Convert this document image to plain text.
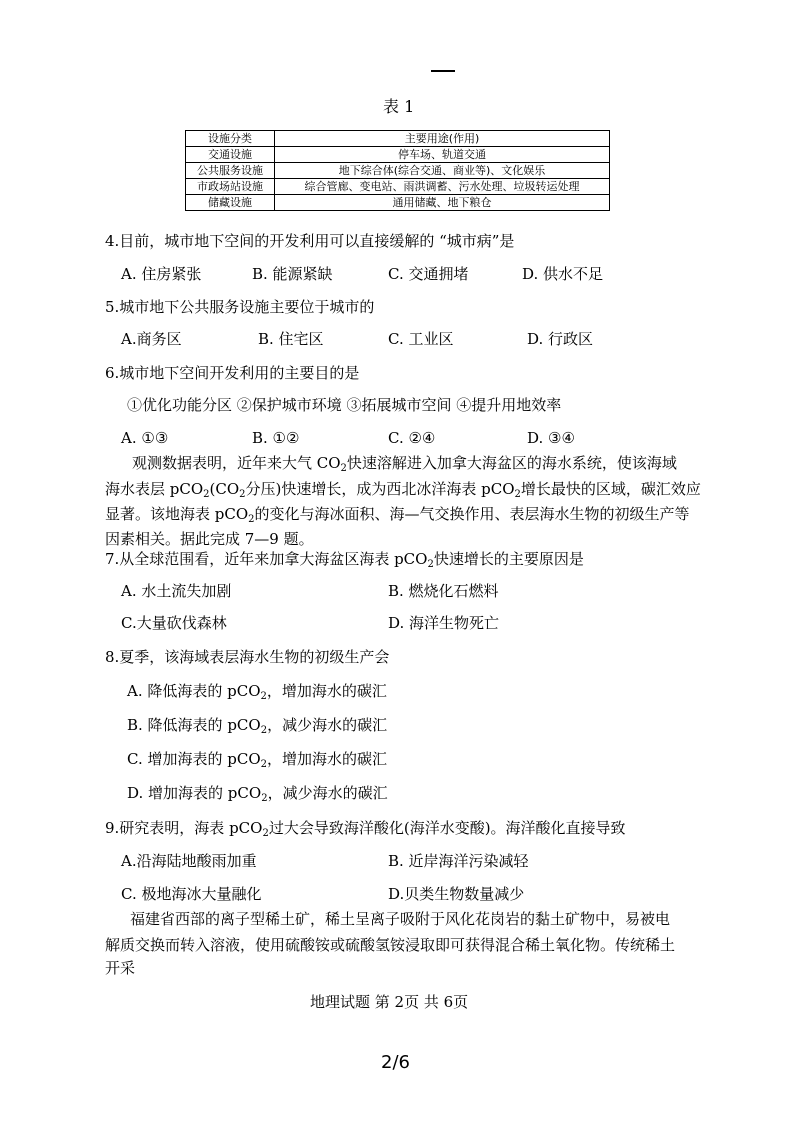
表 1
设施分类	主要用途(作用)
交通设施	停车场、轨道交通
公共服务设施	地下综合体(综合交通、商业等)、文化娱乐
市政场站设施	综合管廊、变电站、雨洪调蓄、污水处理、垃圾转运处理
储藏设施	通用储藏、地下粮仓
4.目前，城市地下空间的开发利用可以直接缓解的 “城市病”是
A. 住房紧张	B. 能源紧缺	C. 交通拥堵	D. 供水不足
5.城市地下公共服务设施主要位于城市的
A.商务区	B. 住宅区	C. 工业区	D. 行政区
6.城市地下空间开发利用的主要目的是
①优化功能分区 ②保护城市环境 ③拓展城市空间 ④提升用地效率
A. ①③	B. ①②	C. ②④	D. ③④
观测数据表明，近年来大气 $CO_2$快速溶解进入加拿大海盆区的海水系统，使该海域
海水表层 $pCO_2(CO_2$分压)快速增长，成为西北冰洋海表 pCO$_2$增长最快的区域，碳汇效应
显著。该地海表 pCO$_2$的变化与海冰面积、海—气交换作用、表层海水生物的初级生产等
因素相关。据此完成 7—9 题。
7.从全球范围看，近年来加拿大海盆区海表 pCO$_2$快速增长的主要原因是
A. 水土流失加剧	B. 燃烧化石燃料
C.大量砍伐森林	D. 海洋生物死亡
8.夏季，该海域表层海水生物的初级生产会
A. 降低海表的 pCO$_2$，增加海水的碳汇
B. 降低海表的 pCO$_2$，减少海水的碳汇
C. 增加海表的 pCO$_2$，增加海水的碳汇
D. 增加海表的 pCO$_2$，减少海水的碳汇
9.研究表明，海表 pCO$_2$过大会导致海洋酸化(海洋水变酸)。海洋酸化直接导致
A.沿海陆地酸雨加重	B. 近岸海洋污染减轻
C. 极地海冰大量融化	D.贝类生物数量减少
福建省西部的离子型稀土矿，稀土呈离子吸附于风化花岗岩的黏土矿物中，易被电
解质交换而转入溶液，使用硫酸铵或硫酸氢铵浸取即可获得混合稀土氧化物。传统稀土
开采
地理试题 第 2页 共 6页
2/6
